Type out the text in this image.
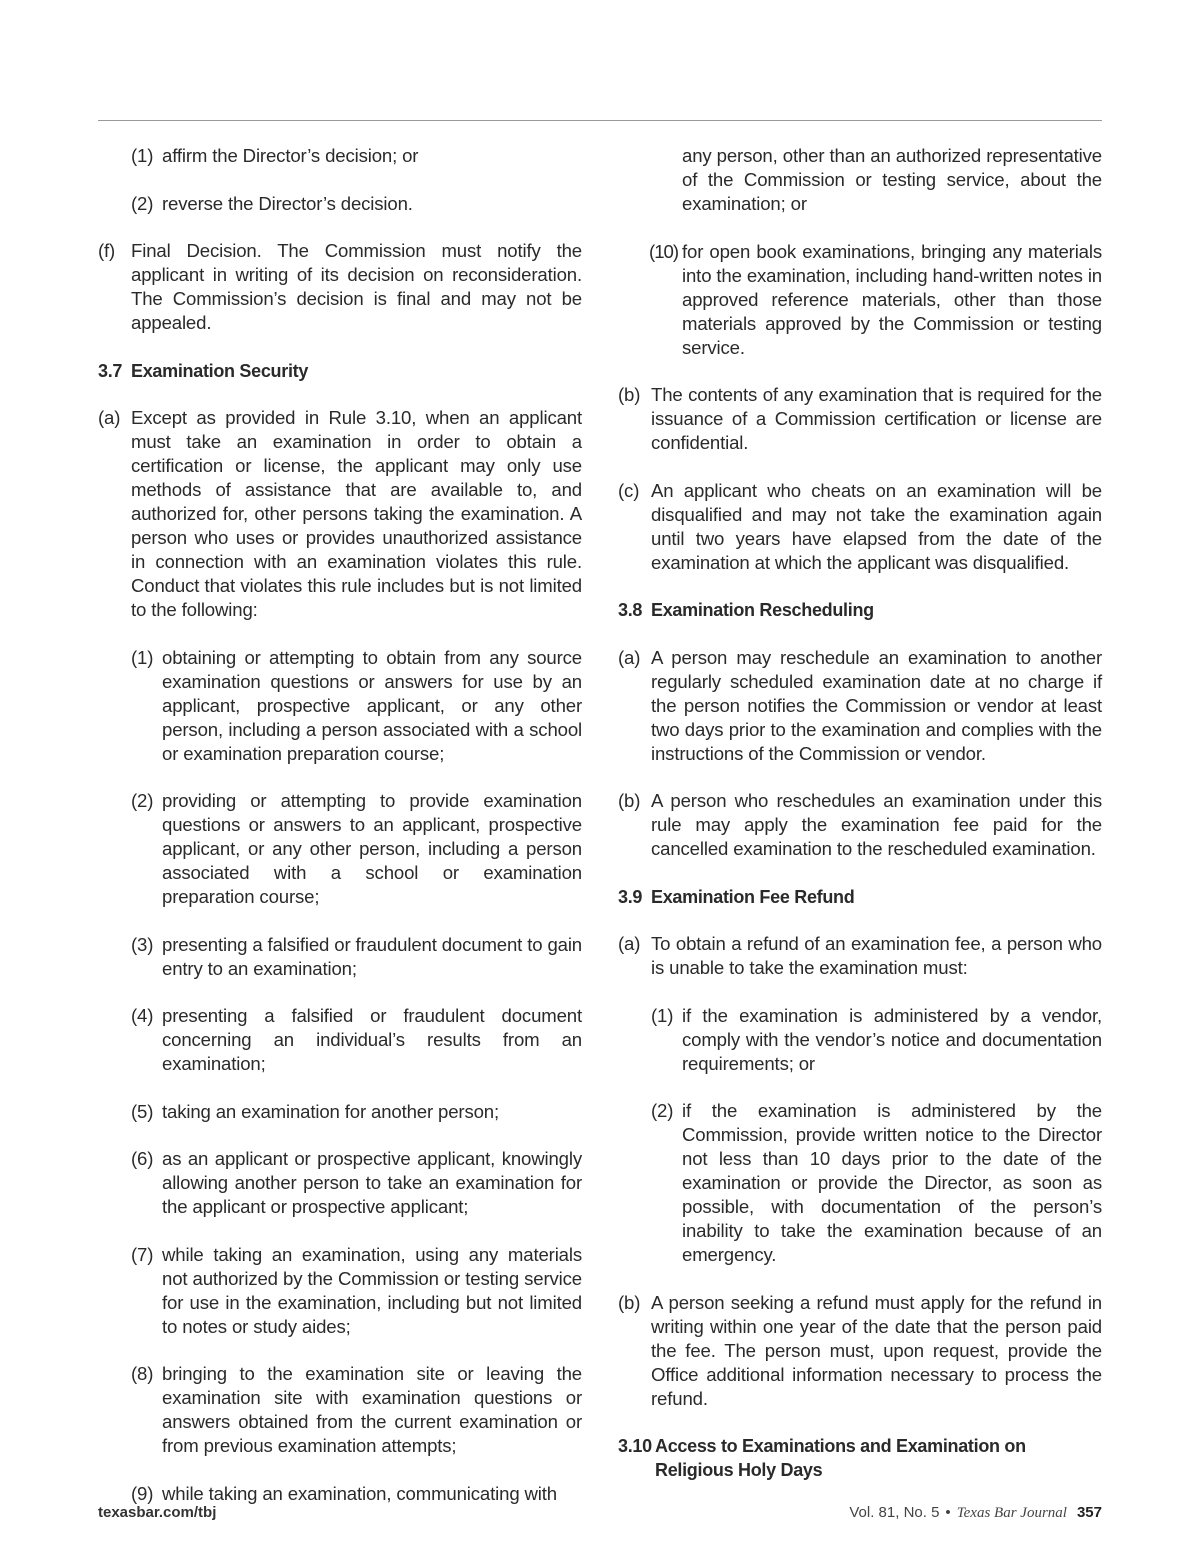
(1) affirm the Director’s decision; or
(2) reverse the Director’s decision.
(f) Final Decision. The Commission must notify the applicant in writing of its decision on reconsideration. The Commission’s decision is final and may not be appealed.
3.7 Examination Security
(a) Except as provided in Rule 3.10, when an applicant must take an examination in order to obtain a certification or license, the applicant may only use methods of assistance that are available to, and authorized for, other persons taking the examination. A person who uses or provides unauthorized assistance in connection with an examination violates this rule. Conduct that violates this rule includes but is not limited to the following:
(1) obtaining or attempting to obtain from any source examination questions or answers for use by an applicant, prospective applicant, or any other person, including a person associated with a school or examination preparation course;
(2) providing or attempting to provide examination questions or answers to an applicant, prospective applicant, or any other person, including a person associated with a school or examination preparation course;
(3) presenting a falsified or fraudulent document to gain entry to an examination;
(4) presenting a falsified or fraudulent document concerning an individual’s results from an examination;
(5) taking an examination for another person;
(6) as an applicant or prospective applicant, knowingly allowing another person to take an examination for the applicant or prospective applicant;
(7) while taking an examination, using any materials not authorized by the Commission or testing service for use in the examination, including but not limited to notes or study aides;
(8) bringing to the examination site or leaving the examination site with examination questions or answers obtained from the current examination or from previous examination attempts;
(9) while taking an examination, communicating with
any person, other than an authorized representative of the Commission or testing service, about the examination; or
(10) for open book examinations, bringing any materials into the examination, including hand-written notes in approved reference materials, other than those materials approved by the Commission or testing service.
(b) The contents of any examination that is required for the issuance of a Commission certification or license are confidential.
(c) An applicant who cheats on an examination will be disqualified and may not take the examination again until two years have elapsed from the date of the examination at which the applicant was disqualified.
3.8 Examination Rescheduling
(a) A person may reschedule an examination to another regularly scheduled examination date at no charge if the person notifies the Commission or vendor at least two days prior to the examination and complies with the instructions of the Commission or vendor.
(b) A person who reschedules an examination under this rule may apply the examination fee paid for the cancelled examination to the rescheduled examination.
3.9 Examination Fee Refund
(a) To obtain a refund of an examination fee, a person who is unable to take the examination must:
(1) if the examination is administered by a vendor, comply with the vendor’s notice and documentation requirements; or
(2) if the examination is administered by the Commission, provide written notice to the Director not less than 10 days prior to the date of the examination or provide the Director, as soon as possible, with documentation of the person’s inability to take the examination because of an emergency.
(b) A person seeking a refund must apply for the refund in writing within one year of the date that the person paid the fee. The person must, upon request, provide the Office additional information necessary to process the refund.
3.10 Access to Examinations and Examination on Religious Holy Days
texasbar.com/tbj	Vol. 81, No. 5 • Texas Bar Journal 357
